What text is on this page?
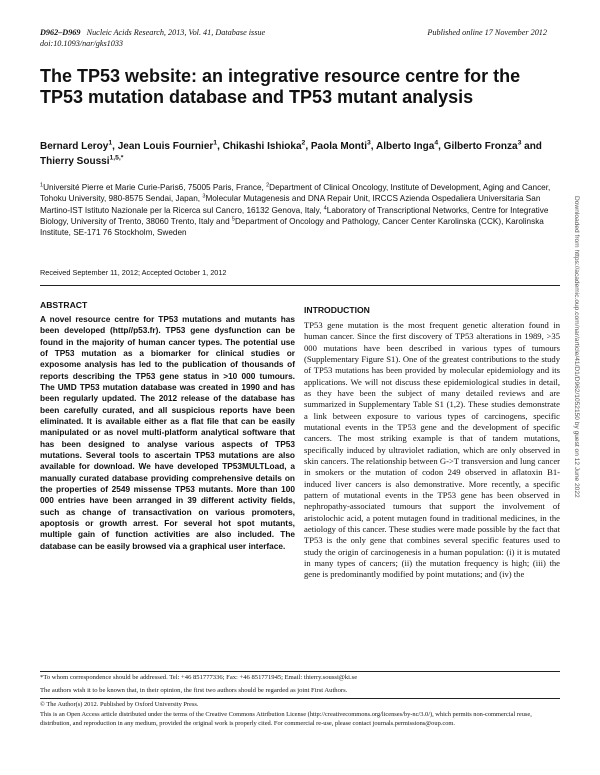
D962–D969 Nucleic Acids Research, 2013, Vol. 41, Database issue
doi:10.1093/nar/gks1033
Published online 17 November 2012
The TP53 website: an integrative resource centre for the TP53 mutation database and TP53 mutant analysis
Bernard Leroy$^1$, Jean Louis Fournier$^1$, Chikashi Ishioka$^2$, Paola Monti$^3$, Alberto Inga$^4$, Gilberto Fronza$^3$ and Thierry Soussi$^{1,5,*}$
$^1$Université Pierre et Marie Curie-Paris6, 75005 Paris, France, $^2$Department of Clinical Oncology, Institute of Development, Aging and Cancer, Tohoku University, 980-8575 Sendai, Japan, $^3$Molecular Mutagenesis and DNA Repair Unit, IRCCS Azienda Ospedaliera Universitaria San Martino-IST Istituto Nazionale per la Ricerca sul Cancro, 16132 Genova, Italy, $^4$Laboratory of Transcriptional Networks, Centre for Integrative Biology, University of Trento, 38060 Trento, Italy and $^5$Department of Oncology and Pathology, Cancer Center Karolinska (CCK), Karolinska Institute, SE-171 76 Stockholm, Sweden
Received September 11, 2012; Accepted October 1, 2012
ABSTRACT

A novel resource centre for TP53 mutations and mutants has been developed (http//p53.fr). TP53 gene dysfunction can be found in the majority of human cancer types. The potential use of TP53 mutation as a biomarker for clinical studies or exposome analysis has led to the publication of thousands of reports describing the TP53 gene status in >10 000 tumours. The UMD TP53 mutation database was created in 1990 and has been regularly updated. The 2012 release of the database has been carefully curated, and all suspicious reports have been eliminated. It is available either as a flat file that can be easily manipulated or as novel multi-platform analytical software that has been designed to analyse various aspects of TP53 mutations. Several tools to ascertain TP53 mutations are also available for download. We have developed TP53MULTLoad, a manually curated database providing comprehensive details on the properties of 2549 missense TP53 mutants. More than 100 000 entries have been arranged in 39 different activity fields, such as change of transactivation on various promoters, apoptosis or growth arrest. For several hot spot mutants, multiple gain of function activities are also included. The database can be easily browsed via a graphical user interface.

INTRODUCTION

TP53 gene mutation is the most frequent genetic alteration found in human cancer. Since the first discovery of TP53 alterations in 1989, >35 000 mutations have been described in various types of tumours (Supplementary Figure S1). One of the greatest contributions to the study of TP53 mutations has been provided by molecular epidemiology and its applications. We will not discuss these epidemiological studies in detail, as they have been the subject of many detailed reviews and are summarized in Supplementary Table S1 (1,2). These studies demonstrate a link between exposure to various types of carcinogens, specific mutational events in the TP53 gene and the development of specific cancers. The most striking example is that of tandem mutations, specifically induced by ultraviolet radiation, which are only observed in skin cancers. The relationship between G->T transversion and lung cancer in smokers or the mutation of codon 249 observed in aflatoxin B1-induced liver cancers is also demonstrative. More recently, a specific pattern of mutational events in the TP53 gene has been observed in nephropathy-associated tumours that support the involvement of aristolochic acid, a potent mutagen found in traditional medicines, in the aetiology of this cancer. These studies were made possible by the fact that TP53 is the only gene that combines several specific features used to study the origin of carcinogenesis in a human population: (i) it is mutated in many types of cancers; (ii) the mutation frequency is high; (iii) the gene is predominantly modified by point mutations; and (iv) the

*To whom correspondence should be addressed. Tel: +46 851777336; Fax: +46 851771945; Email: thierry.soussi@ki.se
The authors wish it to be known that, in their opinion, the first two authors should be regarded as joint First Authors.
© The Author(s) 2012. Published by Oxford University Press.
This is an Open Access article distributed under the terms of the Creative Commons Attribution License (http://creativecommons.org/licenses/by-nc/3.0/), which permits non-commercial reuse, distribution, and reproduction in any medium, provided the original work is properly cited. For commercial re-use, please contact journals.permissions@oup.com.
Downloaded from https://academic.oup.com/nar/article/41/D1/D962/1052150 by guest on 12 June 2022
